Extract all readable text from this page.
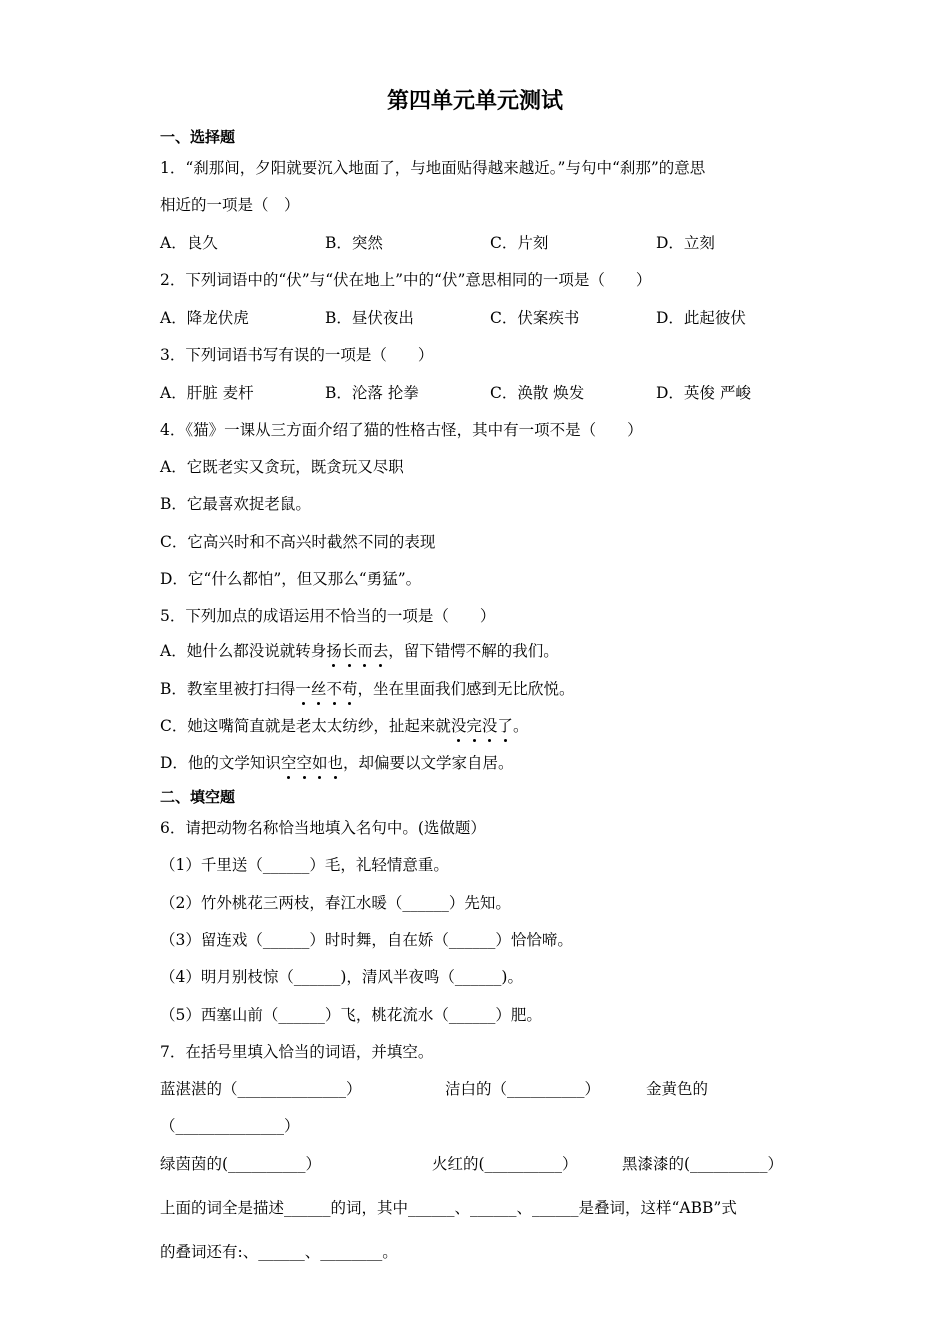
第四单元单元测试
一、选择题
1．“刹那间，夕阳就要沉入地面了，与地面贴得越来越近。”与句中“刹那”的意思
相近的一项是（　）
A．良久	B．突然	C．片刻	D．立刻
2．下列词语中的“伏”与“伏在地上”中的“伏”意思相同的一项是（　　）
A．降龙伏虎	B．昼伏夜出	C．伏案疾书	D．此起彼伏
3．下列词语书写有误的一项是（　　）
A．肝脏 麦杆	B．沦落 抡拳	C．涣散 焕发	D．英俊 严峻
4．《猫》一课从三方面介绍了猫的性格古怪，其中有一项不是（　　）
A．它既老实又贪玩，既贪玩又尽职
B．它最喜欢捉老鼠。
C．它高兴时和不高兴时截然不同的表现
D．它“什么都怕”，但又那么“勇猛”。
5．下列加点的成语运用不恰当的一项是（　　）
A．她什么都没说就转身扬长而去，留下错愕不解的我们。
B．教室里被打扫得一丝不苟，坐在里面我们感到无比欣悦。
C．她这嘴简直就是老太太纺纱，扯起来就没完没了。
D．他的文学知识空空如也，却偏要以文学家自居。
二、填空题
6．请把动物名称恰当地填入名句中。(选做题）
（1）千里送（______）毛，礼轻情意重。
（2）竹外桃花三两枝，春江水暖（______）先知。
（3）留连戏（______）时时舞，自在娇（______）恰恰啼。
（4）明月别枝惊（______)，清风半夜鸣（______)。
（5）西塞山前（______）飞，桃花流水（______）肥。
7．在括号里填入恰当的词语，并填空。
蓝湛湛的（______________）	洁白的（__________）	金黄色的
（______________）
绿茵茵的(__________）	火红的(__________）	黑漆漆的(__________）
上面的词全是描述______的词，其中______、______、______是叠词，这样“ABB”式
的叠词还有:、______、________。
